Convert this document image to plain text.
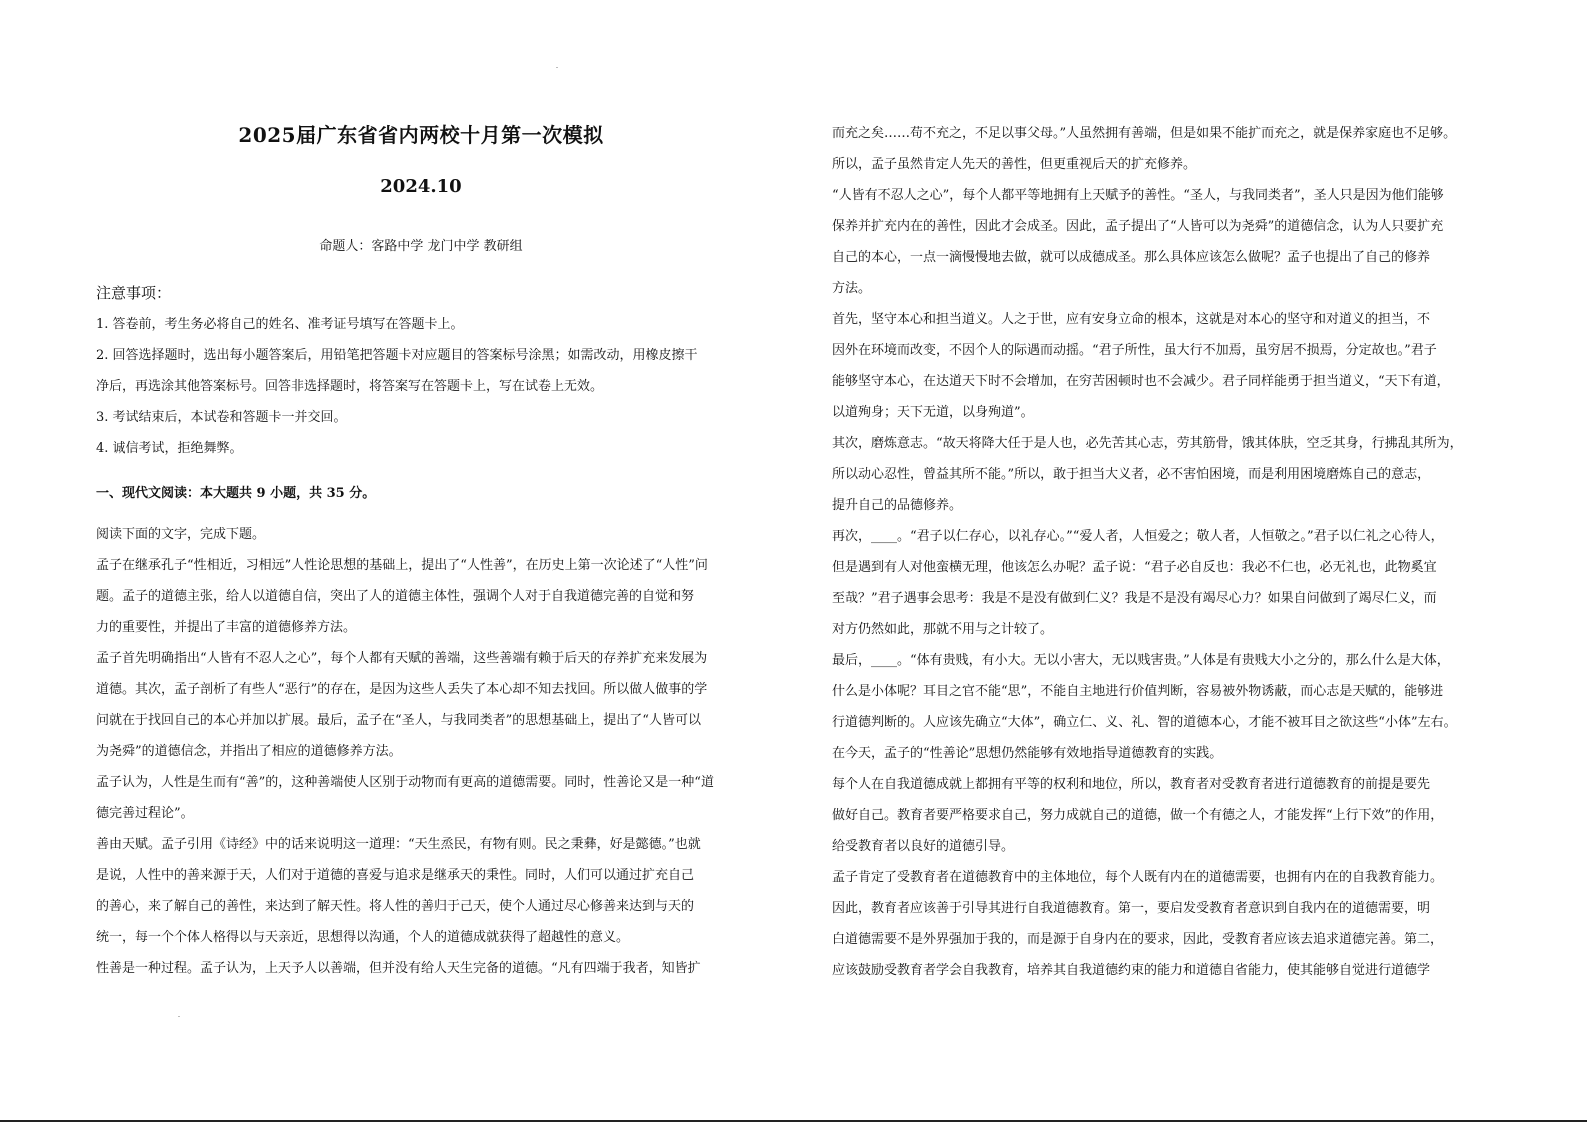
2025届广东省省内两校十月第一次模拟
2024.10
命题人：客路中学 龙门中学 教研组
注意事项：
1. 答卷前，考生务必将自己的姓名、准考证号填写在答题卡上。
2. 回答选择题时，选出每小题答案后，用铅笔把答题卡对应题目的答案标号涂黑；如需改动，用橡皮擦干
净后，再选涂其他答案标号。回答非选择题时，将答案写在答题卡上，写在试卷上无效。
3. 考试结束后，本试卷和答题卡一并交回。
4. 诚信考试，拒绝舞弊。
一、现代文阅读：本大题共 9 小题，共 35 分。
阅读下面的文字，完成下题。
孟子在继承孔子“性相近，习相远”人性论思想的基础上，提出了“人性善”，在历史上第一次论述了“人性”问
题。孟子的道德主张，给人以道德自信，突出了人的道德主体性，强调个人对于自我道德完善的自觉和努
力的重要性，并提出了丰富的道德修养方法。
孟子首先明确指出“人皆有不忍人之心”，每个人都有天赋的善端，这些善端有赖于后天的存养扩充来发展为
道德。其次，孟子剖析了有些人“恶行”的存在，是因为这些人丢失了本心却不知去找回。所以做人做事的学
问就在于找回自己的本心并加以扩展。最后，孟子在“圣人，与我同类者”的思想基础上，提出了“人皆可以
为尧舜”的道德信念，并指出了相应的道德修养方法。
孟子认为，人性是生而有“善”的，这种善端使人区别于动物而有更高的道德需要。同时，性善论又是一种“道
德完善过程论”。
善由天赋。孟子引用《诗经》中的话来说明这一道理：“天生烝民，有物有则。民之秉彝，好是懿德。”也就
是说，人性中的善来源于天，人们对于道德的喜爱与追求是继承天的秉性。同时，人们可以通过扩充自己
的善心，来了解自己的善性，来达到了解天性。将人性的善归于己天，使个人通过尽心修善来达到与天的
统一，每一个个体人格得以与天亲近，思想得以沟通，个人的道德成就获得了超越性的意义。
性善是一种过程。孟子认为，上天予人以善端，但并没有给人天生完备的道德。“凡有四端于我者，知皆扩
而充之矣……苟不充之，不足以事父母。”人虽然拥有善端，但是如果不能扩而充之，就是保养家庭也不足够。
所以，孟子虽然肯定人先天的善性，但更重视后天的扩充修养。
“人皆有不忍人之心”，每个人都平等地拥有上天赋予的善性。“圣人，与我同类者”，圣人只是因为他们能够
保养并扩充内在的善性，因此才会成圣。因此，孟子提出了“人皆可以为尧舜”的道德信念，认为人只要扩充
自己的本心，一点一滴慢慢地去做，就可以成德成圣。那么具体应该怎么做呢？孟子也提出了自己的修养
方法。
首先，坚守本心和担当道义。人之于世，应有安身立命的根本，这就是对本心的坚守和对道义的担当，不
因外在环境而改变，不因个人的际遇而动摇。“君子所性，虽大行不加焉，虽穷居不损焉，分定故也。”君子
能够坚守本心，在达道天下时不会增加，在穷苦困顿时也不会减少。君子同样能勇于担当道义，“天下有道，
以道殉身；天下无道，以身殉道”。
其次，磨炼意志。“故天将降大任于是人也，必先苦其心志，劳其筋骨，饿其体肤，空乏其身，行拂乱其所为，
所以动心忍性，曾益其所不能。”所以，敢于担当大义者，必不害怕困境，而是利用困境磨炼自己的意志，
提升自己的品德修养。
再次，____。“君子以仁存心，以礼存心。”“爱人者，人恒爱之；敬人者，人恒敬之。”君子以仁礼之心待人，
但是遇到有人对他蛮横无理，他该怎么办呢？孟子说：“君子必自反也：我必不仁也，必无礼也，此物奚宜
至哉？”君子遇事会思考：我是不是没有做到仁义？我是不是没有竭尽心力？如果自问做到了竭尽仁义，而
对方仍然如此，那就不用与之计较了。
最后，____。“体有贵贱，有小大。无以小害大，无以贱害贵。”人体是有贵贱大小之分的，那么什么是大体，
什么是小体呢？耳目之官不能“思”，不能自主地进行价值判断，容易被外物诱蔽，而心志是天赋的，能够进
行道德判断的。人应该先确立“大体”，确立仁、义、礼、智的道德本心，才能不被耳目之欲这些“小体”左右。
在今天，孟子的“性善论”思想仍然能够有效地指导道德教育的实践。
每个人在自我道德成就上都拥有平等的权利和地位，所以，教育者对受教育者进行道德教育的前提是要先
做好自己。教育者要严格要求自己，努力成就自己的道德，做一个有德之人，才能发挥“上行下效”的作用，
给受教育者以良好的道德引导。
孟子肯定了受教育者在道德教育中的主体地位，每个人既有内在的道德需要，也拥有内在的自我教育能力。
因此，教育者应该善于引导其进行自我道德教育。第一，要启发受教育者意识到自我内在的道德需要，明
白道德需要不是外界强加于我的，而是源于自身内在的要求，因此，受教育者应该去追求道德完善。第二，
应该鼓励受教育者学会自我教育，培养其自我道德约束的能力和道德自省能力，使其能够自觉进行道德学
